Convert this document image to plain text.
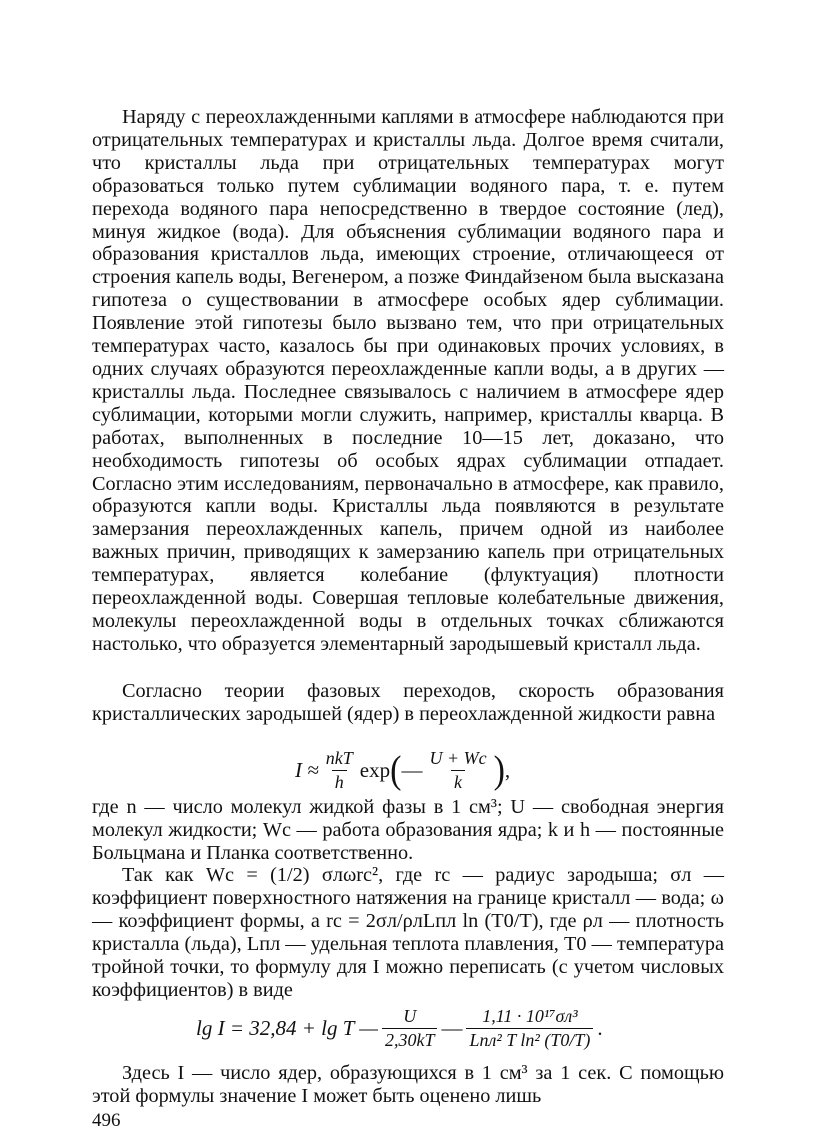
Наряду с переохлажденными каплями в атмосфере наблюдаются при отрицательных температурах и кристаллы льда. Долгое время считали, что кристаллы льда при отрицательных температурах могут образоваться только путем сублимации водяного пара, т. е. путем перехода водяного пара непосредственно в твердое состояние (лед), минуя жидкое (вода). Для объяснения сублимации водяного пара и образования кристаллов льда, имеющих строение, отличающееся от строения капель воды, Вегенером, а позже Финдайзеном была высказана гипотеза о существовании в атмосфере особых ядер сублимации. Появление этой гипотезы было вызвано тем, что при отрицательных температурах часто, казалось бы при одинаковых прочих условиях, в одних случаях образуются переохлажденные капли воды, а в других — кристаллы льда. Последнее связывалось с наличием в атмосфере ядер сублимации, которыми могли служить, например, кристаллы кварца. В работах, выполненных в последние 10—15 лет, доказано, что необходимость гипотезы об особых ядрах сублимации отпадает. Согласно этим исследованиям, первоначально в атмосфере, как правило, образуются капли воды. Кристаллы льда появляются в результате замерзания переохлажденных капель, причем одной из наиболее важных причин, приводящих к замерзанию капель при отрицательных температурах, является колебание (флуктуация) плотности переохлажденной воды. Совершая тепловые колебательные движения, молекулы переохлажденной воды в отдельных точках сближаются настолько, что образуется элементарный зародышевый кристалл льда.

Согласно теории фазовых переходов, скорость образования кристаллических зародышей (ядер) в переохлажденной жидкости равна

$I \approx \frac{\text{nkT}}{h}$ exp ( — $\frac{U + Wc}{k}$ ) ,

где n — число молекул жидкой фазы в 1 см³; U — свободная энергия молекул жидкости; Wc — работа образования ядра; k и h — постоянные Больцмана и Планка соответственно.

Так как Wc = (1/2) σлωrc², где rc — радиус зародыша; σл — коэффициент поверхностного натяжения на границе кристалл — вода; ω — коэффициент формы, а rc = 2σл/ρлLпл ln (T0/T), где ρл — плотность кристалла (льда), Lпл — удельная теплота плавления, T0 — температура тройной точки, то формулу для I можно переписать (с учетом числовых коэффициентов) в виде

lg I = 32,84 + lg T — $\frac{U}{2,30kT}$ — $\frac{\text{1,11 · 10¹⁷σл³}}{\text{Lпл² T ln² (T0/T)}}$ .

Здесь I — число ядер, образующихся в 1 см³ за 1 сек. С помощью этой формулы значение I может быть оценено лишь

496
